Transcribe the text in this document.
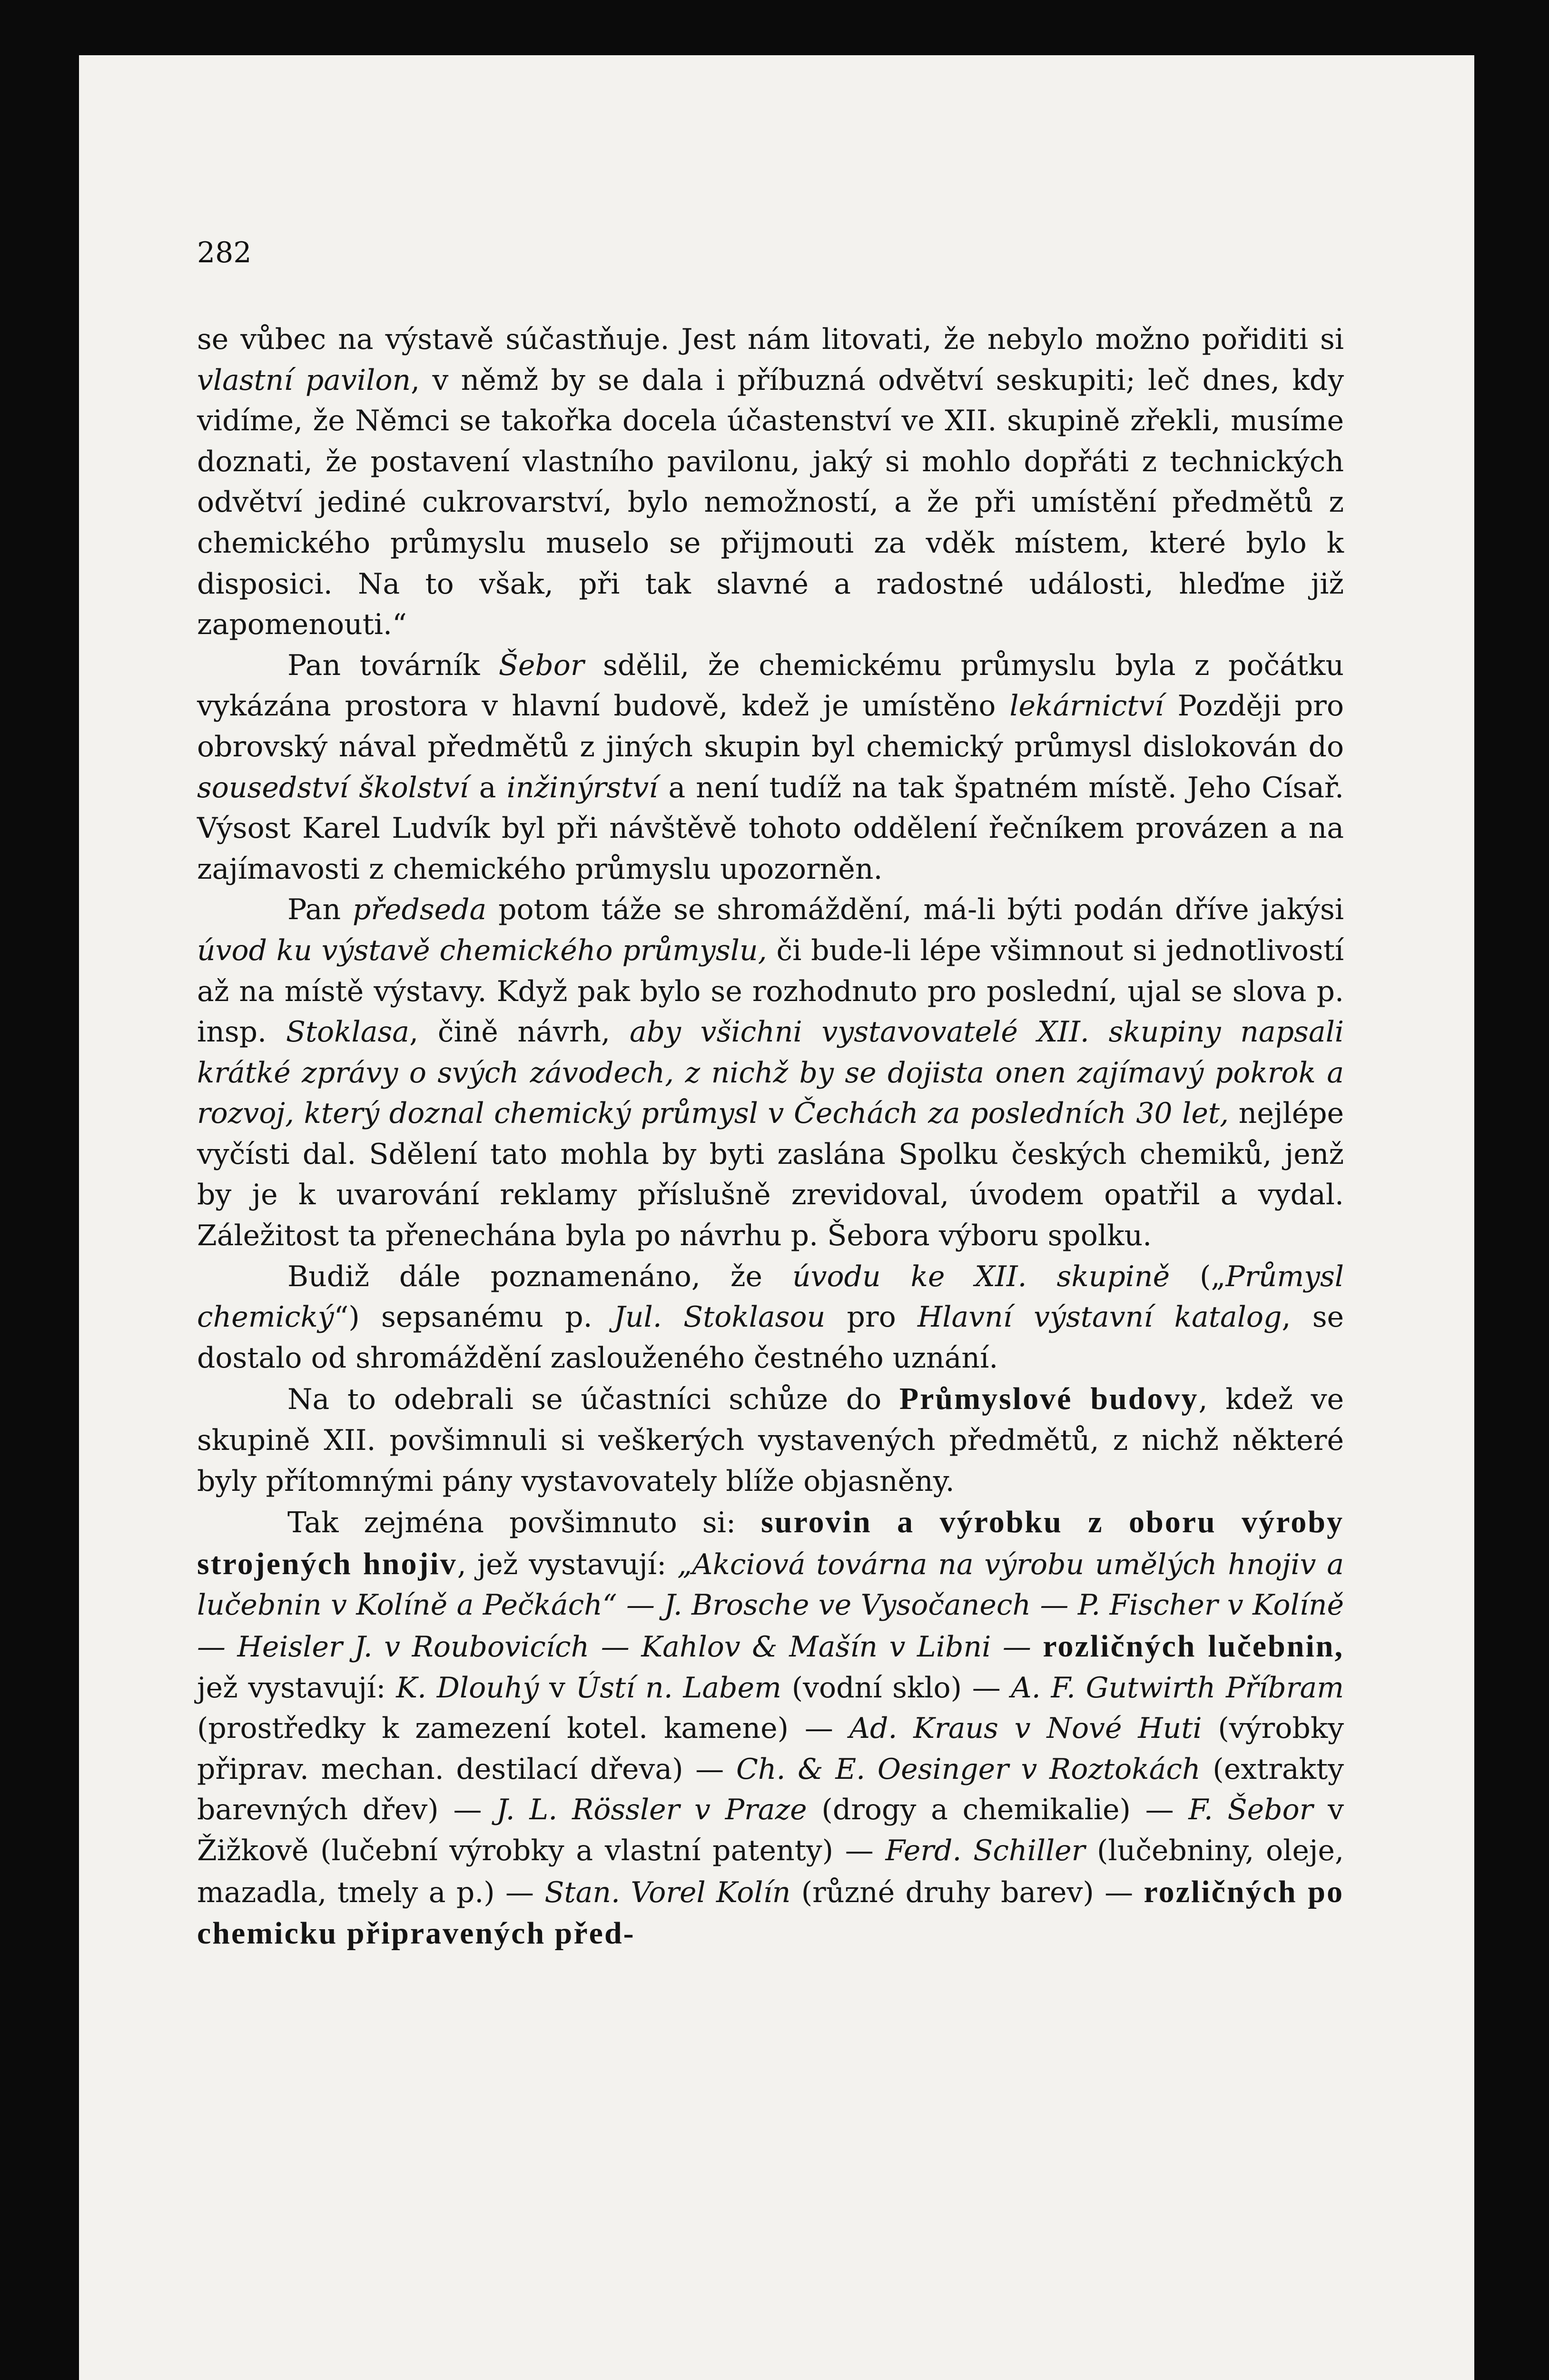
282

se vůbec na výstavě súčastňuje. Jest nám litovati, že nebylo možno pořiditi si vlastní pavilon, v němž by se dala i příbuzná odvětví seskupiti; leč dnes, kdy vidíme, že Němci se takořka docela účastenství ve XII. skupině zřekli, musíme doznati, že postavení vlastního pavilonu, jaký si mohlo dopřáti z technických odvětví jediné cukrovarství, bylo nemožností, a že při umístění předmětů z chemického průmyslu muselo se přijmouti za vděk místem, které bylo k disposici. Na to však, při tak slavné a radostné události, hleďme již zapomenouti.“

Pan továrník Šebor sdělil, že chemickému průmyslu byla z počátku vykázána prostora v hlavní budově, kdež je umístěno lekárnictví Později pro obrovský nával předmětů z jiných skupin byl chemický průmysl dislokován do sousedství školství a inžinýrství a není tudíž na tak špatném místě. Jeho Císař. Výsost Karel Ludvík byl při návštěvě tohoto oddělení řečníkem provázen a na zajímavosti z chemického průmyslu upozorněn.

Pan předseda potom táže se shromáždění, má-li býti podán dříve jakýsi úvod ku výstavě chemického průmyslu, či bude-li lépe všimnout si jednotlivostí až na místě výstavy. Když pak bylo se rozhodnuto pro poslední, ujal se slova p. insp. Stoklasa, čině návrh, aby všichni vystavovatelé XII. skupiny napsali krátké zprávy o svých závodech, z nichž by se dojista onen zajímavý pokrok a rozvoj, který doznal chemický průmysl v Čechách za posledních 30 let, nejlépe vyčísti dal. Sdělení tato mohla by byti zaslána Spolku českých chemiků, jenž by je k uvarování reklamy příslušně zrevidoval, úvodem opatřil a vydal. Záležitost ta přenechána byla po návrhu p. Šebora výboru spolku.

Budiž dále poznamenáno, že úvodu ke XII. skupině („Průmysl chemický“) sepsanému p. Jul. Stoklasou pro Hlavní výstavní katalog, se dostalo od shromáždění zaslouženého čestného uznání.

Na to odebrali se účastníci schůze do Průmyslové budovy, kdež ve skupině XII. povšimnuli si veškerých vystavených předmětů, z nichž některé byly přítomnými pány vystavovately blíže objasněny.

Tak zejména povšimnuto si: surovin a výrobku z oboru výroby strojených hnojiv, jež vystavují: „Akciová továrna na výrobu umělých hnojiv a lučebnin v Kolíně a Pečkách“ — J. Brosche ve Vysočanech — P. Fischer v Kolíně — Heisler J. v Roubovicích — Kahlov & Mašín v Libni — rozličných lučebnin, jež vystavují: K. Dlouhý v Ústí n. Labem (vodní sklo) — A. F. Gutwirth Příbram (prostředky k zamezení kotel. kamene) — Ad. Kraus v Nové Huti (výrobky připrav. mechan. destilací dřeva) — Ch. & E. Oesinger v Roztokách (extrakty barevných dřev) — J. L. Rössler v Praze (drogy a chemikalie) — F. Šebor v Žižkově (lučební výrobky a vlastní patenty) — Ferd. Schiller (lučebniny, oleje, mazadla, tmely a p.) — Stan. Vorel Kolín (různé druhy barev) — rozličných po chemicku připravených před-
